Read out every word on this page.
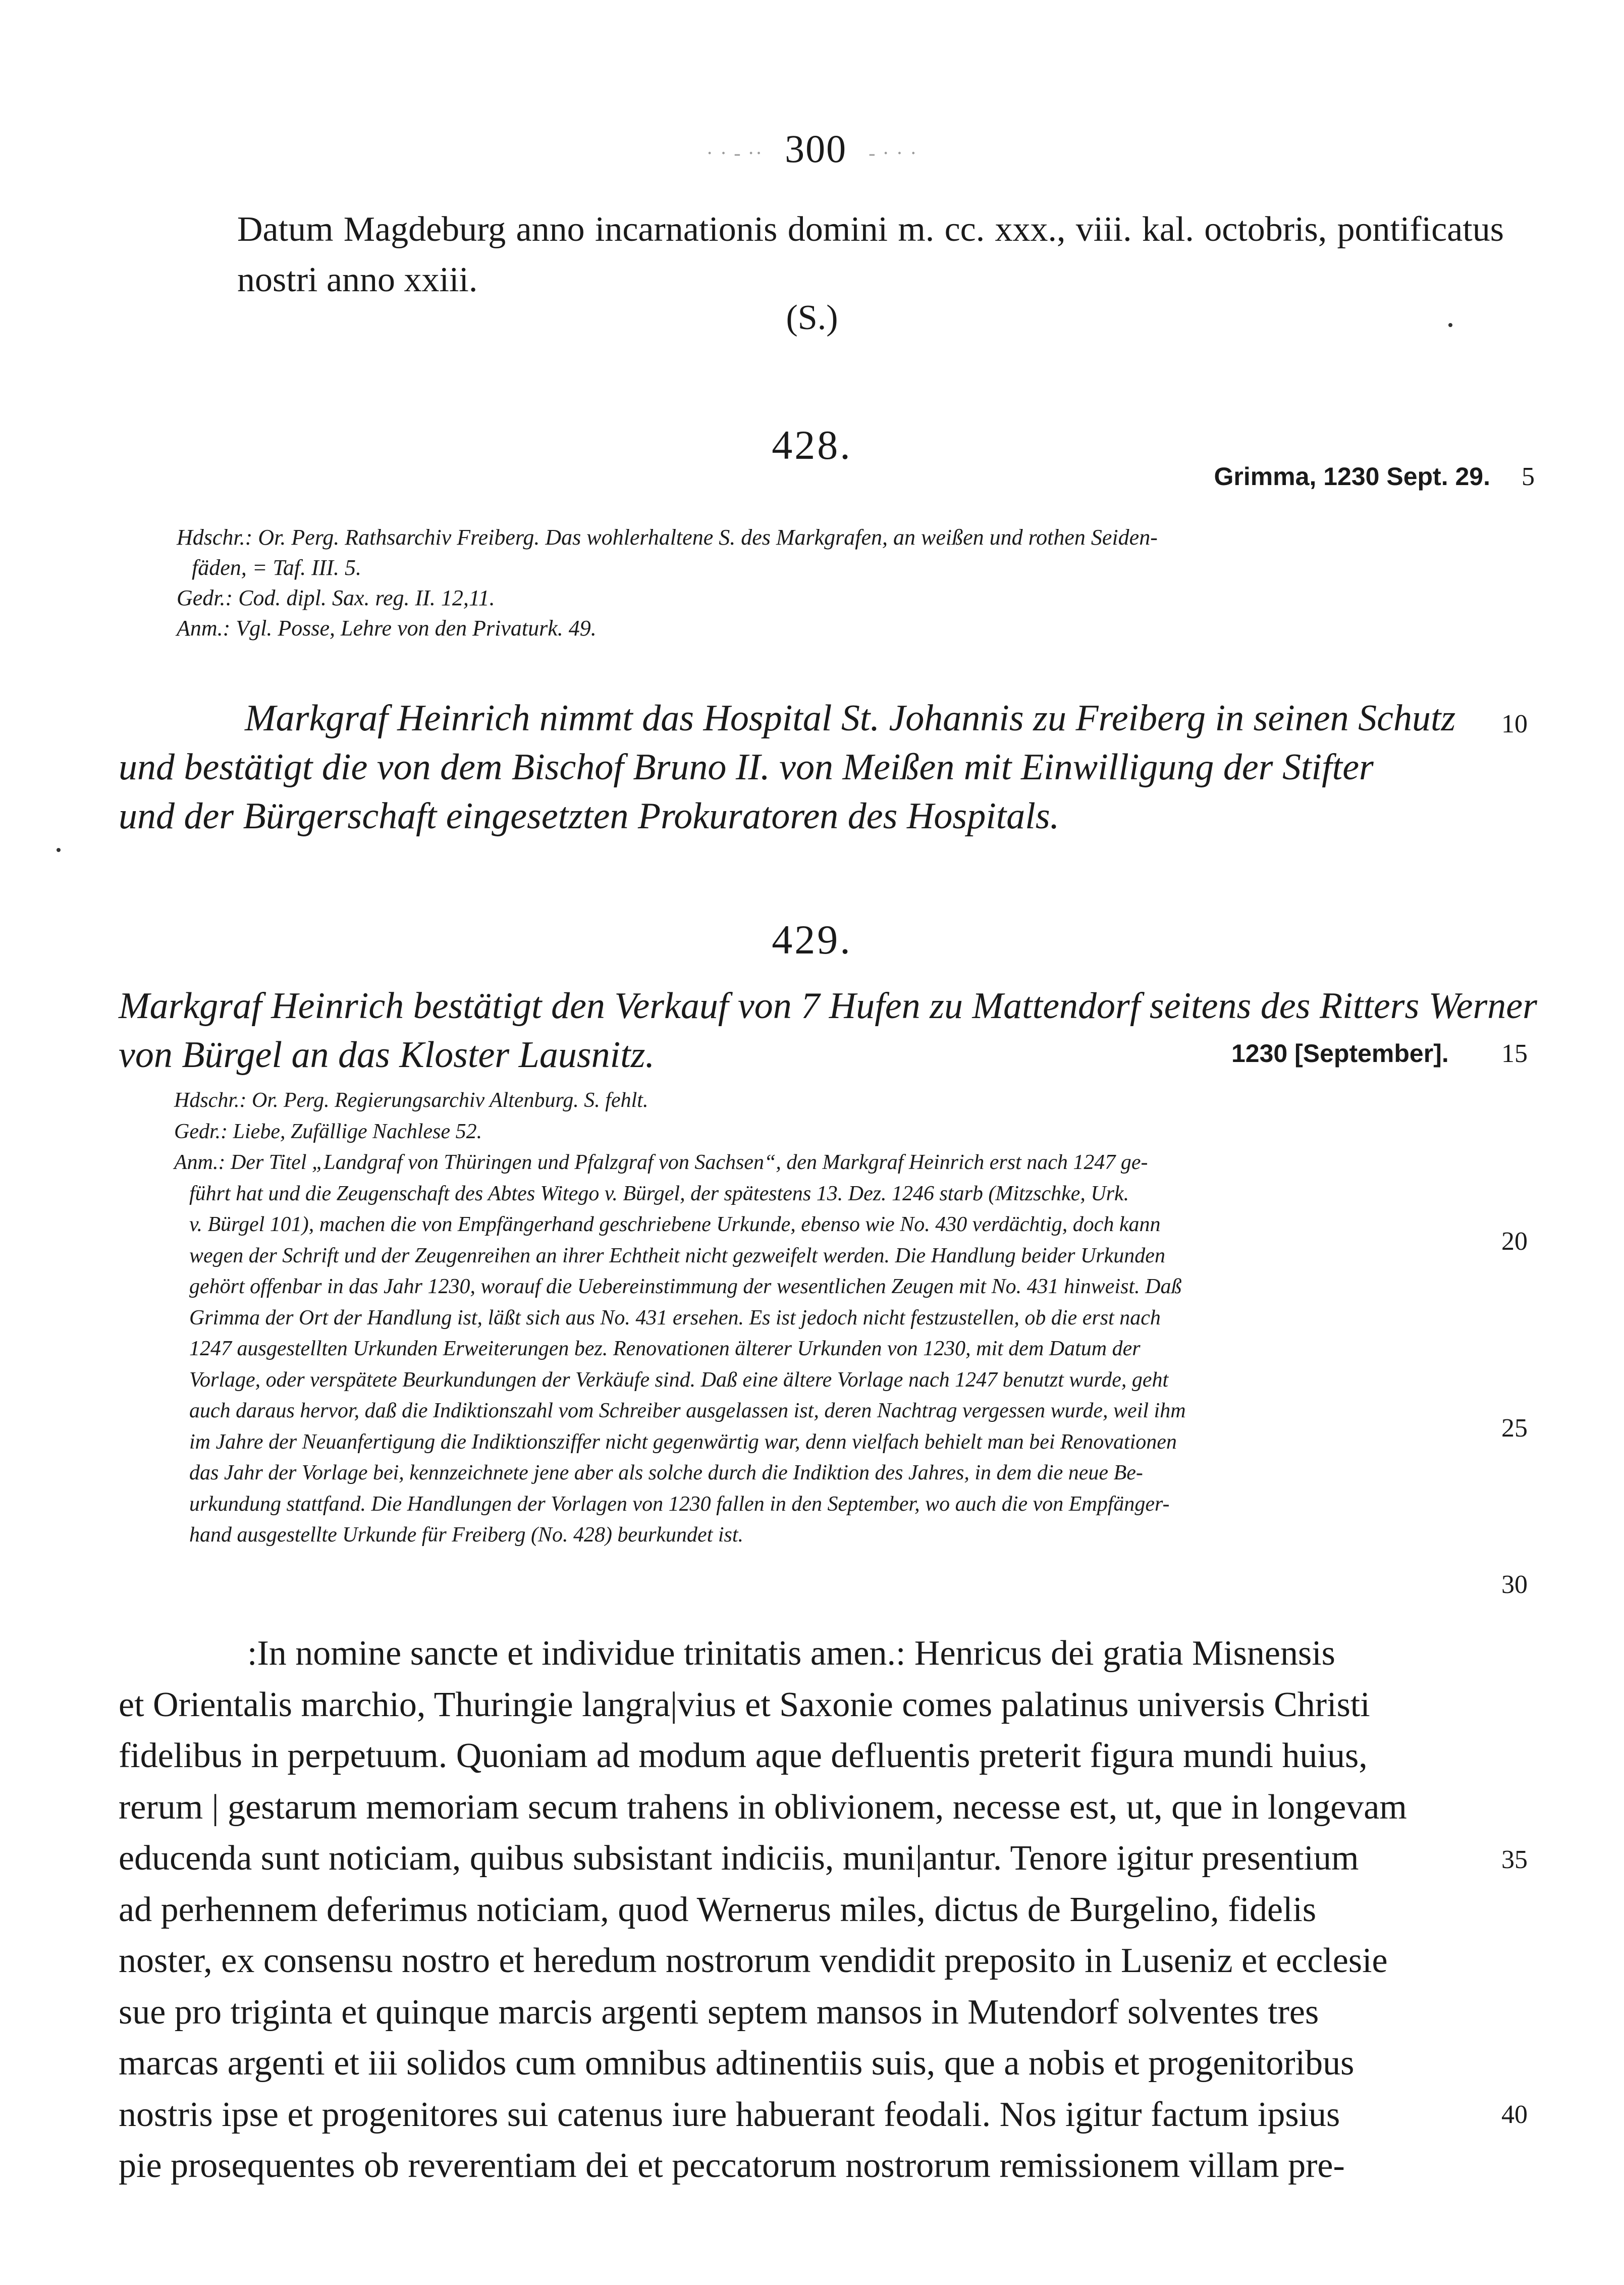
· · - ·· 300 - · · ·
Datum Magdeburg anno incarnationis domini m. cc. xxx., viii. kal. octobris, pontificatus nostri anno xxiii.
(S.)
428.
Grimma, 1230 Sept. 29. 5
Hdschr.: Or. Perg. Rathsarchiv Freiberg. Das wohlerhaltene S. des Markgrafen, an weißen und rothen Seiden-
fäden, = Taf. III. 5.
Gedr.: Cod. dipl. Sax. reg. II. 12,11.
Anm.: Vgl. Posse, Lehre von den Privaturk. 49.
Markgraf Heinrich nimmt das Hospital St. Johannis zu Freiberg in seinen Schutz
und bestätigt die von dem Bischof Bruno II. von Meißen mit Einwilligung der Stifter
und der Bürgerschaft eingesetzten Prokuratoren des Hospitals.
10
429.
Markgraf Heinrich bestätigt den Verkauf von 7 Hufen zu Mattendorf seitens des Ritters Werner
von Bürgel an das Kloster Lausnitz.	1230 [September]. 15
Hdschr.: Or. Perg. Regierungsarchiv Altenburg. S. fehlt.
Gedr.: Liebe, Zufällige Nachlese 52.
Anm.: Der Titel „Landgraf von Thüringen und Pfalzgraf von Sachsen“, den Markgraf Heinrich erst nach 1247 ge-
führt hat und die Zeugenschaft des Abtes Witego v. Bürgel, der spätestens 13. Dez. 1246 starb (Mitzschke, Urk.
v. Bürgel 101), machen die von Empfängerhand geschriebene Urkunde, ebenso wie No. 430 verdächtig, doch kann
wegen der Schrift und der Zeugenreihen an ihrer Echtheit nicht gezweifelt werden. Die Handlung beider Urkunden
gehört offenbar in das Jahr 1230, worauf die Uebereinstimmung der wesentlichen Zeugen mit No. 431 hinweist. Daß
Grimma der Ort der Handlung ist, läßt sich aus No. 431 ersehen. Es ist jedoch nicht festzustellen, ob die erst nach
1247 ausgestellten Urkunden Erweiterungen bez. Renovationen älterer Urkunden von 1230, mit dem Datum der
Vorlage, oder verspätete Beurkundungen der Verkäufe sind. Daß eine ältere Vorlage nach 1247 benutzt wurde, geht
auch daraus hervor, daß die Indiktionszahl vom Schreiber ausgelassen ist, deren Nachtrag vergessen wurde, weil ihm
im Jahre der Neuanfertigung die Indiktionsziffer nicht gegenwärtig war, denn vielfach behielt man bei Renovationen
das Jahr der Vorlage bei, kennzeichnete jene aber als solche durch die Indiktion des Jahres, in dem die neue Be-
urkundung stattfand. Die Handlungen der Vorlagen von 1230 fallen in den September, wo auch die von Empfänger-
hand ausgestellte Urkunde für Freiberg (No. 428) beurkundet ist.
20
25
30
:In nomine sancte et individue trinitatis amen.: Henricus dei gratia Misnensis
et Orientalis marchio, Thuringie langra|vius et Saxonie comes palatinus universis Christi
fidelibus in perpetuum. Quoniam ad modum aque defluentis preterit figura mundi huius,
rerum | gestarum memoriam secum trahens in oblivionem, necesse est, ut, que in longevam
educenda sunt noticiam, quibus subsistant indiciis, muni|antur. Tenore igitur presentium
ad perhennem deferimus noticiam, quod Wernerus miles, dictus de Burgelino, fidelis
noster, ex consensu nostro et heredum nostrorum vendidit preposito in Luseniz et ecclesie
sue pro triginta et quinque marcis argenti septem mansos in Mutendorf solventes tres
marcas argenti et iii solidos cum omnibus adtinentiis suis, que a nobis et progenitoribus
nostris ipse et progenitores sui catenus iure habuerant feodali. Nos igitur factum ipsius
pie prosequentes ob reverentiam dei et peccatorum nostrorum remissionem villam pre-
35
40
